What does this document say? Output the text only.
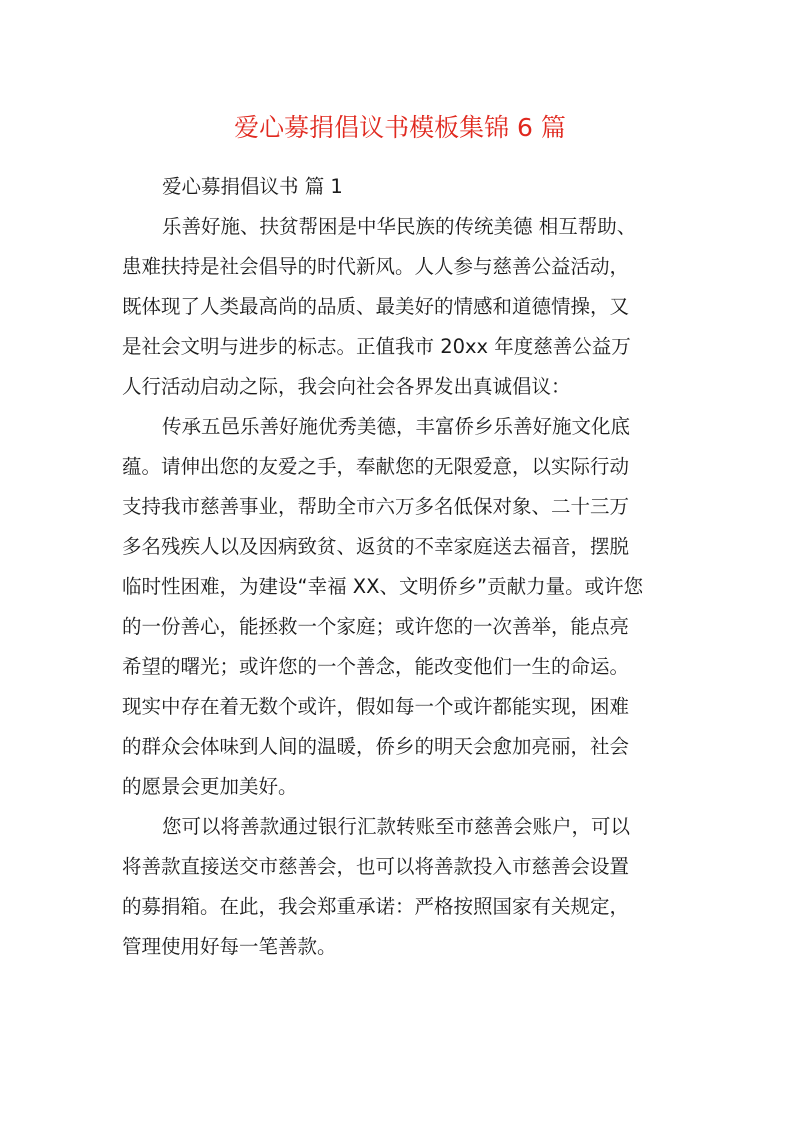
爱心募捐倡议书模板集锦 6 篇
爱心募捐倡议书 篇 1
乐善好施、扶贫帮困是中华民族的传统美德 相互帮助、
患难扶持是社会倡导的时代新风。人人参与慈善公益活动，
既体现了人类最高尚的品质、最美好的情感和道德情操，又
是社会文明与进步的标志。正值我市 20xx 年度慈善公益万
人行活动启动之际，我会向社会各界发出真诚倡议：
传承五邑乐善好施优秀美德，丰富侨乡乐善好施文化底
蕴。请伸出您的友爱之手，奉献您的无限爱意，以实际行动
支持我市慈善事业，帮助全市六万多名低保对象、二十三万
多名残疾人以及因病致贫、返贫的不幸家庭送去福音，摆脱
临时性困难，为建设“幸福 XX、文明侨乡”贡献力量。或许您
的一份善心，能拯救一个家庭；或许您的一次善举，能点亮
希望的曙光；或许您的一个善念，能改变他们一生的命运。
现实中存在着无数个或许，假如每一个或许都能实现，困难
的群众会体味到人间的温暖，侨乡的明天会愈加亮丽，社会
的愿景会更加美好。
您可以将善款通过银行汇款转账至市慈善会账户，可以
将善款直接送交市慈善会，也可以将善款投入市慈善会设置
的募捐箱。在此，我会郑重承诺：严格按照国家有关规定，
管理使用好每一笔善款。
